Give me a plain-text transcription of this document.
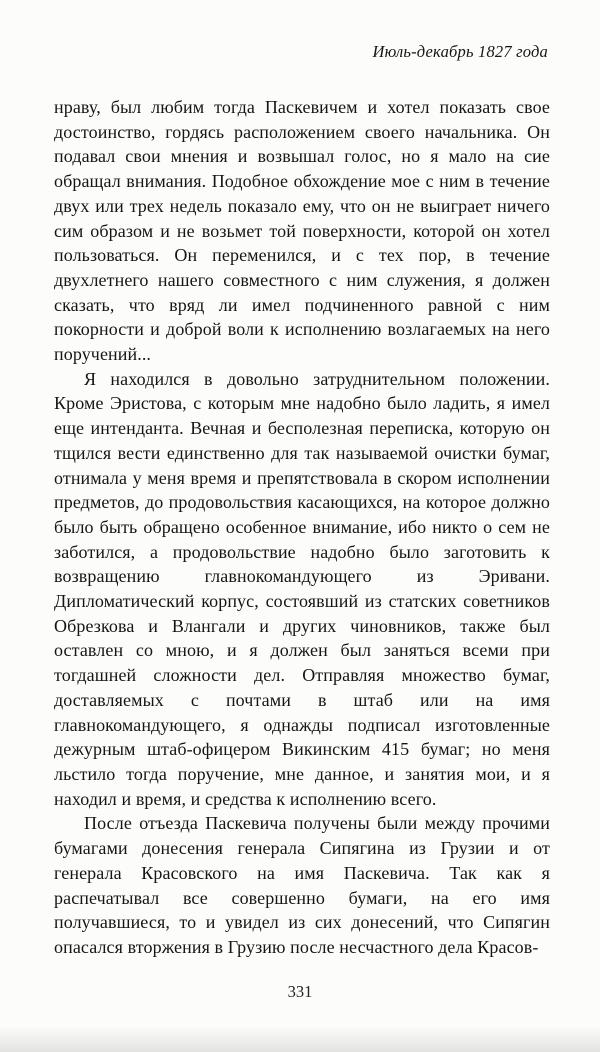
Июль-декабрь 1827 года

нраву, был любим тогда Паскевичем и хотел показать свое достоинство, гордясь расположением своего начальника. Он подавал свои мнения и возвышал голос, но я мало на сие обращал внимания. Подобное обхождение мое с ним в течение двух или трех недель показало ему, что он не выиграет ничего сим образом и не возьмет той поверхности, которой он хотел пользоваться. Он переменился, и с тех пор, в течение двухлетнего нашего совместного с ним служения, я должен сказать, что вряд ли имел подчиненного равной с ним покорности и доброй воли к исполнению возлагаемых на него поручений...

Я находился в довольно затруднительном положении. Кроме Эристова, с которым мне надобно было ладить, я имел еще интенданта. Вечная и бесполезная переписка, которую он тщился вести единственно для так называемой очистки бумаг, отнимала у меня время и препятствовала в скором исполнении предметов, до продовольствия касающихся, на которое должно было быть обращено особенное внимание, ибо никто о сем не заботился, а продовольствие надобно было заготовить к возвращению главнокомандующего из Эривани. Дипломатический корпус, состоявший из статских советников Обрезкова и Влангали и других чиновников, также был оставлен со мною, и я должен был заняться всеми при тогдашней сложности дел. Отправляя множество бумаг, доставляемых с почтами в штаб или на имя главнокомандующего, я однажды подписал изготовленные дежурным штаб-офицером Викинским 415 бумаг; но меня льстило тогда поручение, мне данное, и занятия мои, и я находил и время, и средства к исполнению всего.

После отъезда Паскевича получены были между прочими бумагами донесения генерала Сипягина из Грузии и от генерала Красовского на имя Паскевича. Так как я распечатывал все совершенно бумаги, на его имя получавшиеся, то и увидел из сих донесений, что Сипягин опасался вторжения в Грузию после несчастного дела Красов-

331
